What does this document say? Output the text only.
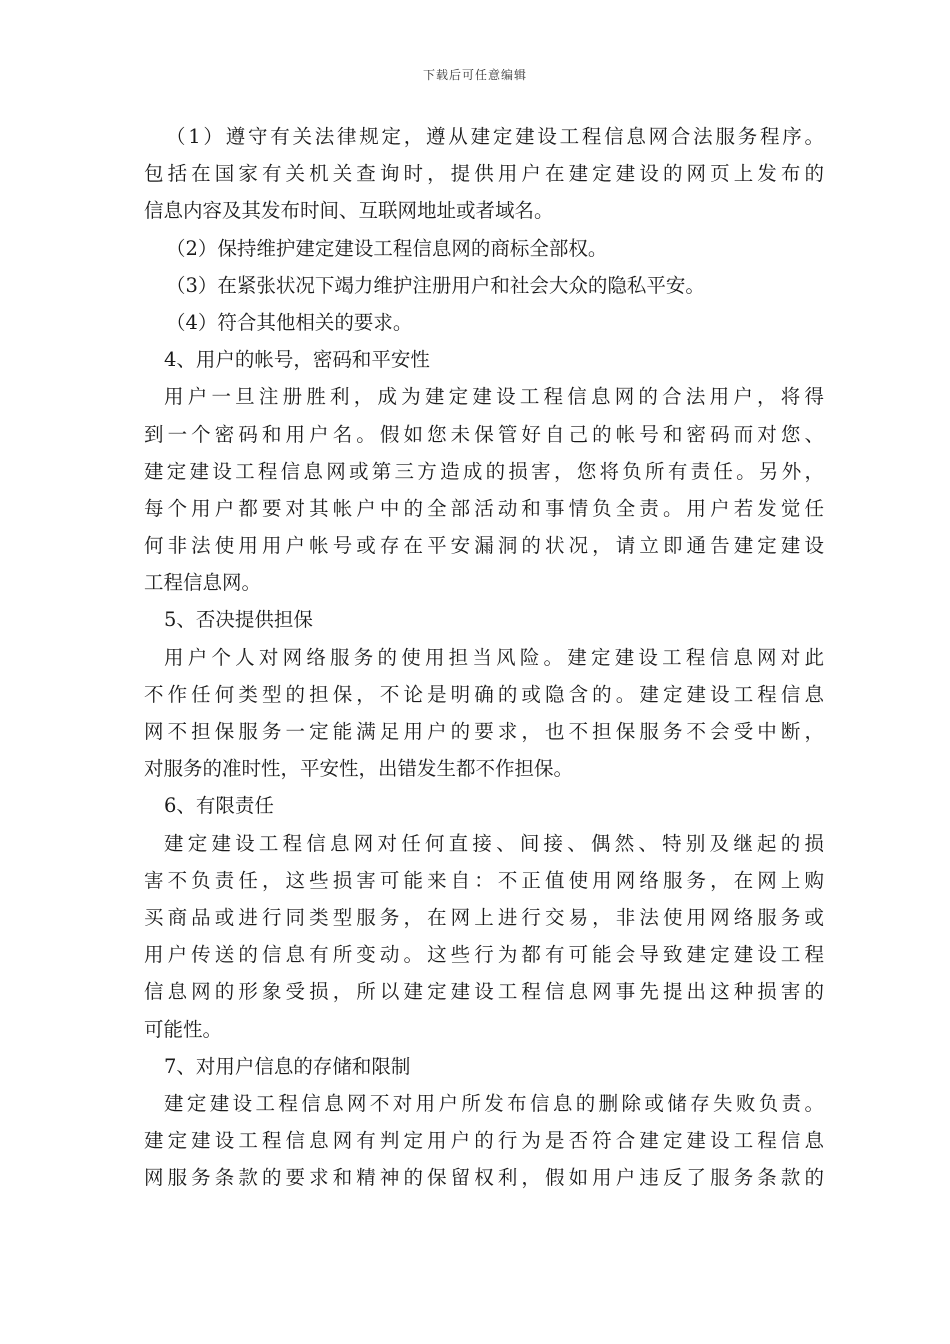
下载后可任意编辑
（1）遵守有关法律规定，遵从建定建设工程信息网合法服务程序。
包括在国家有关机关查询时，提供用户在建定建设的网页上发布的
信息内容及其发布时间、互联网地址或者域名。
（2）保持维护建定建设工程信息网的商标全部权。
（3）在紧张状况下竭力维护注册用户和社会大众的隐私平安。
（4）符合其他相关的要求。
4、用户的帐号，密码和平安性
用户一旦注册胜利，成为建定建设工程信息网的合法用户，将得
到一个密码和用户名。假如您未保管好自己的帐号和密码而对您、
建定建设工程信息网或第三方造成的损害，您将负所有责任。另外，
每个用户都要对其帐户中的全部活动和事情负全责。用户若发觉任
何非法使用用户帐号或存在平安漏洞的状况，请立即通告建定建设
工程信息网。
5、否决提供担保
用户个人对网络服务的使用担当风险。建定建设工程信息网对此
不作任何类型的担保，不论是明确的或隐含的。建定建设工程信息
网不担保服务一定能满足用户的要求，也不担保服务不会受中断，
对服务的准时性，平安性，出错发生都不作担保。
6、有限责任
建定建设工程信息网对任何直接、间接、偶然、特别及继起的损
害不负责任，这些损害可能来自：不正值使用网络服务，在网上购
买商品或进行同类型服务，在网上进行交易，非法使用网络服务或
用户传送的信息有所变动。这些行为都有可能会导致建定建设工程
信息网的形象受损，所以建定建设工程信息网事先提出这种损害的
可能性。
7、对用户信息的存储和限制
建定建设工程信息网不对用户所发布信息的删除或储存失败负责。
建定建设工程信息网有判定用户的行为是否符合建定建设工程信息
网服务条款的要求和精神的保留权利，假如用户违反了服务条款的
